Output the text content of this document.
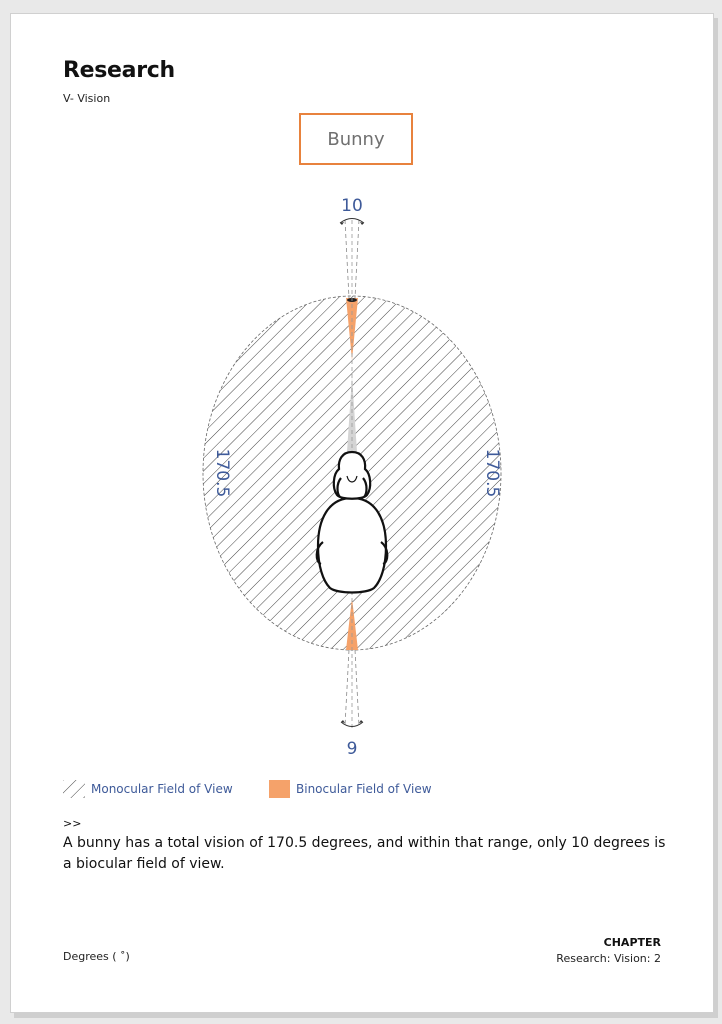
Research
V- Vision
Bunny
10
9
170.5	170.5
Monocular Field of View	Binocular Field of View
>>
A bunny has a total vision of 170.5 degrees, and within that range, only 10 degrees is a biocular field of view.
Degrees ( ˚)
CHAPTER
Research: Vision: 2
